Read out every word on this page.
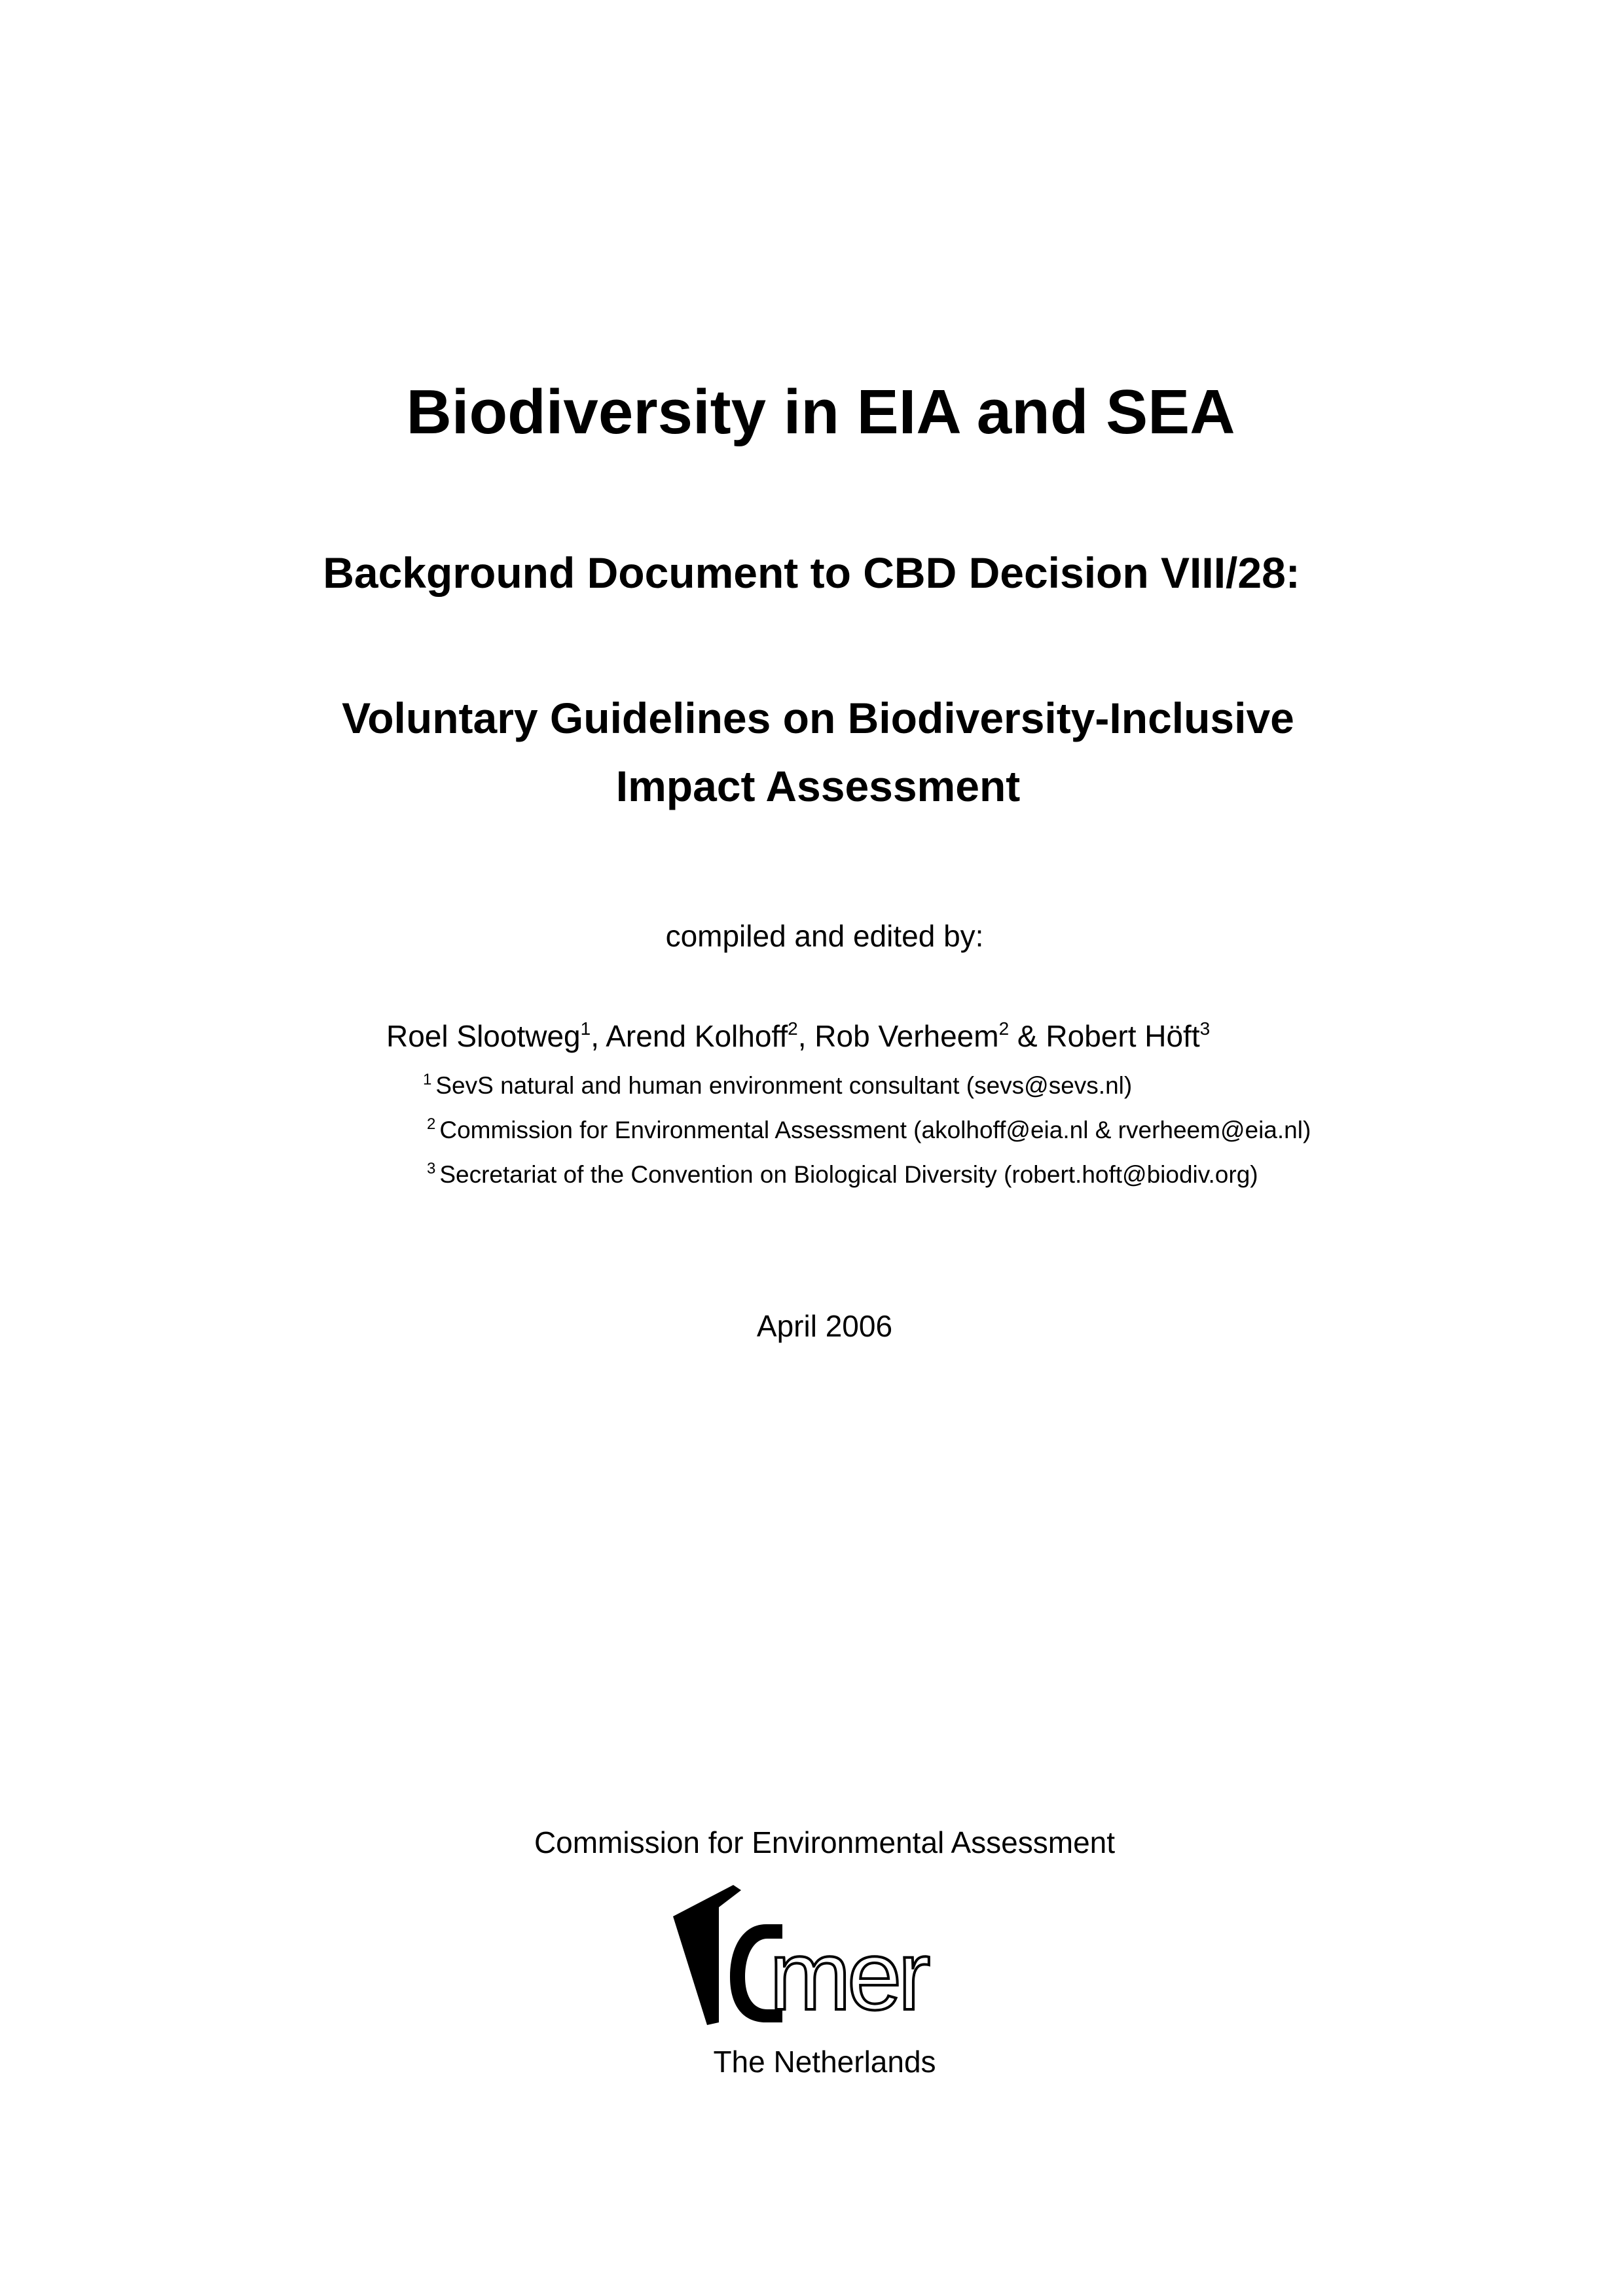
Biodiversity in EIA and SEA
Background Document to CBD Decision VIII/28:
Voluntary Guidelines on Biodiversity-Inclusive
Impact Assessment
compiled and edited by:
Roel Slootweg$^1$, Arend Kolhoff$^2$, Rob Verheem$^2$ & Robert Höft$^3$
$^1$ SevS natural and human environment consultant (sevs@sevs.nl)
$^2$ Commission for Environmental Assessment (akolhoff@eia.nl & rverheem@eia.nl)
$^3$ Secretariat of the Convention on Biological Diversity (robert.hoft@biodiv.org)
April 2006
Commission for Environmental Assessment
mer
The Netherlands
